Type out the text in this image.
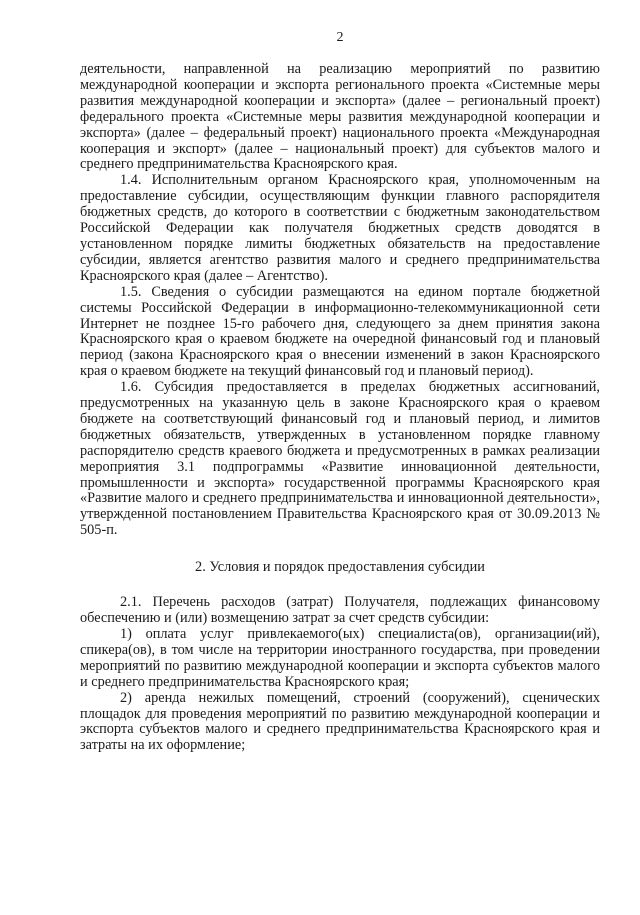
2

деятельности, направленной на реализацию мероприятий по развитию международной кооперации и экспорта регионального проекта «Системные меры развития международной кооперации и экспорта» (далее – региональный проект) федерального проекта «Системные меры развития международной кооперации и экспорта» (далее – федеральный проект) национального проекта «Международная кооперация и экспорт» (далее – национальный проект) для субъектов малого и среднего предпринимательства Красноярского края.

1.4. Исполнительным органом Красноярского края, уполномоченным на предоставление субсидии, осуществляющим функции главного распорядителя бюджетных средств, до которого в соответствии с бюджетным законодательством Российской Федерации как получателя бюджетных средств доводятся в установленном порядке лимиты бюджетных обязательств на предоставление субсидии, является агентство развития малого и среднего предпринимательства Красноярского края (далее – Агентство).

1.5. Сведения о субсидии размещаются на едином портале бюджетной системы Российской Федерации в информационно-телекоммуникационной сети Интернет не позднее 15-го рабочего дня, следующего за днем принятия закона Красноярского края о краевом бюджете на очередной финансовый год и плановый период (закона Красноярского края о внесении изменений в закон Красноярского края о краевом бюджете на текущий финансовый год и плановый период).

1.6. Субсидия предоставляется в пределах бюджетных ассигнований, предусмотренных на указанную цель в законе Красноярского края о краевом бюджете на соответствующий финансовый год и плановый период, и лимитов бюджетных обязательств, утвержденных в установленном порядке главному распорядителю средств краевого бюджета и предусмотренных в рамках реализации мероприятия 3.1 подпрограммы «Развитие инновационной деятельности, промышленности и экспорта» государственной программы Красноярского края «Развитие малого и среднего предпринимательства и инновационной деятельности», утвержденной постановлением Правительства Красноярского края от 30.09.2013 № 505-п.

2. Условия и порядок предоставления субсидии

2.1. Перечень расходов (затрат) Получателя, подлежащих финансовому обеспечению и (или) возмещению затрат за счет средств субсидии:

1) оплата услуг привлекаемого(ых) специалиста(ов), организации(ий), спикера(ов), в том числе на территории иностранного государства, при проведении мероприятий по развитию международной кооперации и экспорта субъектов малого и среднего предпринимательства Красноярского края;

2) аренда нежилых помещений, строений (сооружений), сценических площадок для проведения мероприятий по развитию международной кооперации и экспорта субъектов малого и среднего предпринимательства Красноярского края и затраты на их оформление;
